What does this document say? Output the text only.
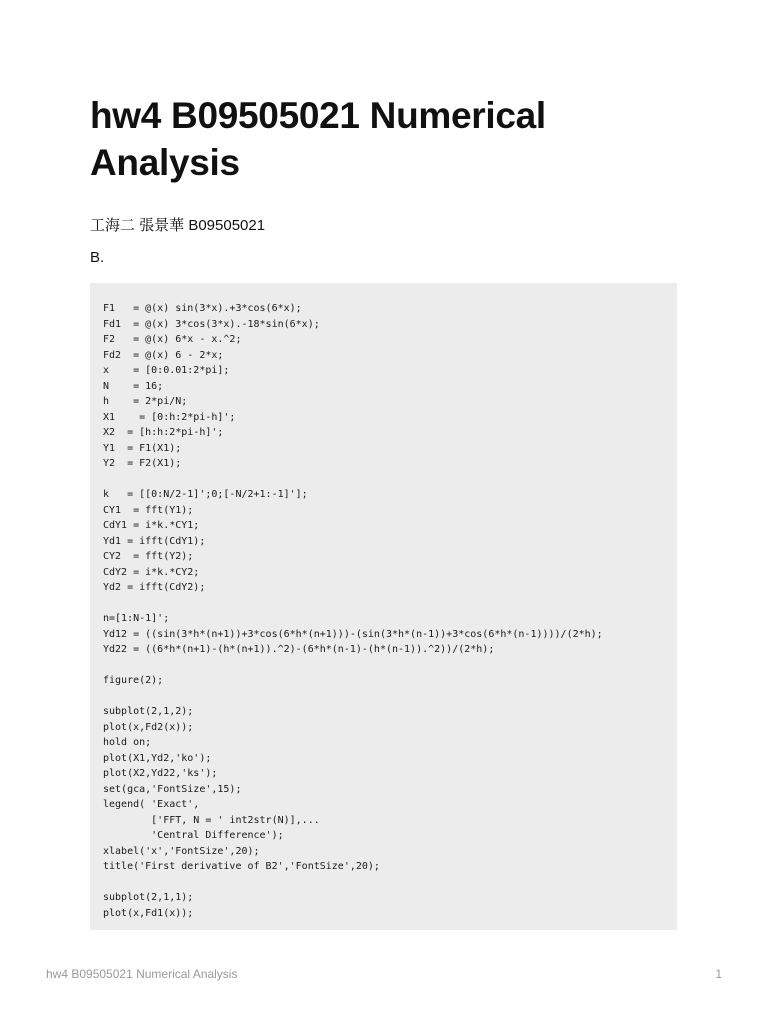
hw4 B09505021 Numerical Analysis

工海二 張景華 B09505021

B.

F1   = @(x) sin(3*x).+3*cos(6*x);
Fd1  = @(x) 3*cos(3*x).-18*sin(6*x);
F2   = @(x) 6*x - x.^2;
Fd2  = @(x) 6 - 2*x;
x    = [0:0.01:2*pi];
N    = 16;
h    = 2*pi/N;
X1    = [0:h:2*pi-h]';
X2  = [h:h:2*pi-h]';
Y1  = F1(X1);
Y2  = F2(X1);
k   = [[0:N/2-1]';0;[-N/2+1:-1]'];
CY1  = fft(Y1);
CdY1 = i*k.*CY1;
Yd1 = ifft(CdY1);
CY2  = fft(Y2);
CdY2 = i*k.*CY2;
Yd2 = ifft(CdY2);
n=[1:N-1]';
Yd12 = ((sin(3*h*(n+1))+3*cos(6*h*(n+1)))-(sin(3*h*(n-1))+3*cos(6*h*(n-1))))/(2*h);
Yd22 = ((6*h*(n+1)-(h*(n+1)).^2)-(6*h*(n-1)-(h*(n-1)).^2))/(2*h);
figure(2);
subplot(2,1,2);
plot(x,Fd2(x));
hold on;
plot(X1,Yd2,'ko');
plot(X2,Yd22,'ks');
set(gca,'FontSize',15);
legend( 'Exact',
['FFT, N = ' int2str(N)],...
'Central Difference');
xlabel('x','FontSize',20);
title('First derivative of B2','FontSize',20);
subplot(2,1,1);
plot(x,Fd1(x));

hw4 B09505021 Numerical Analysis	1
